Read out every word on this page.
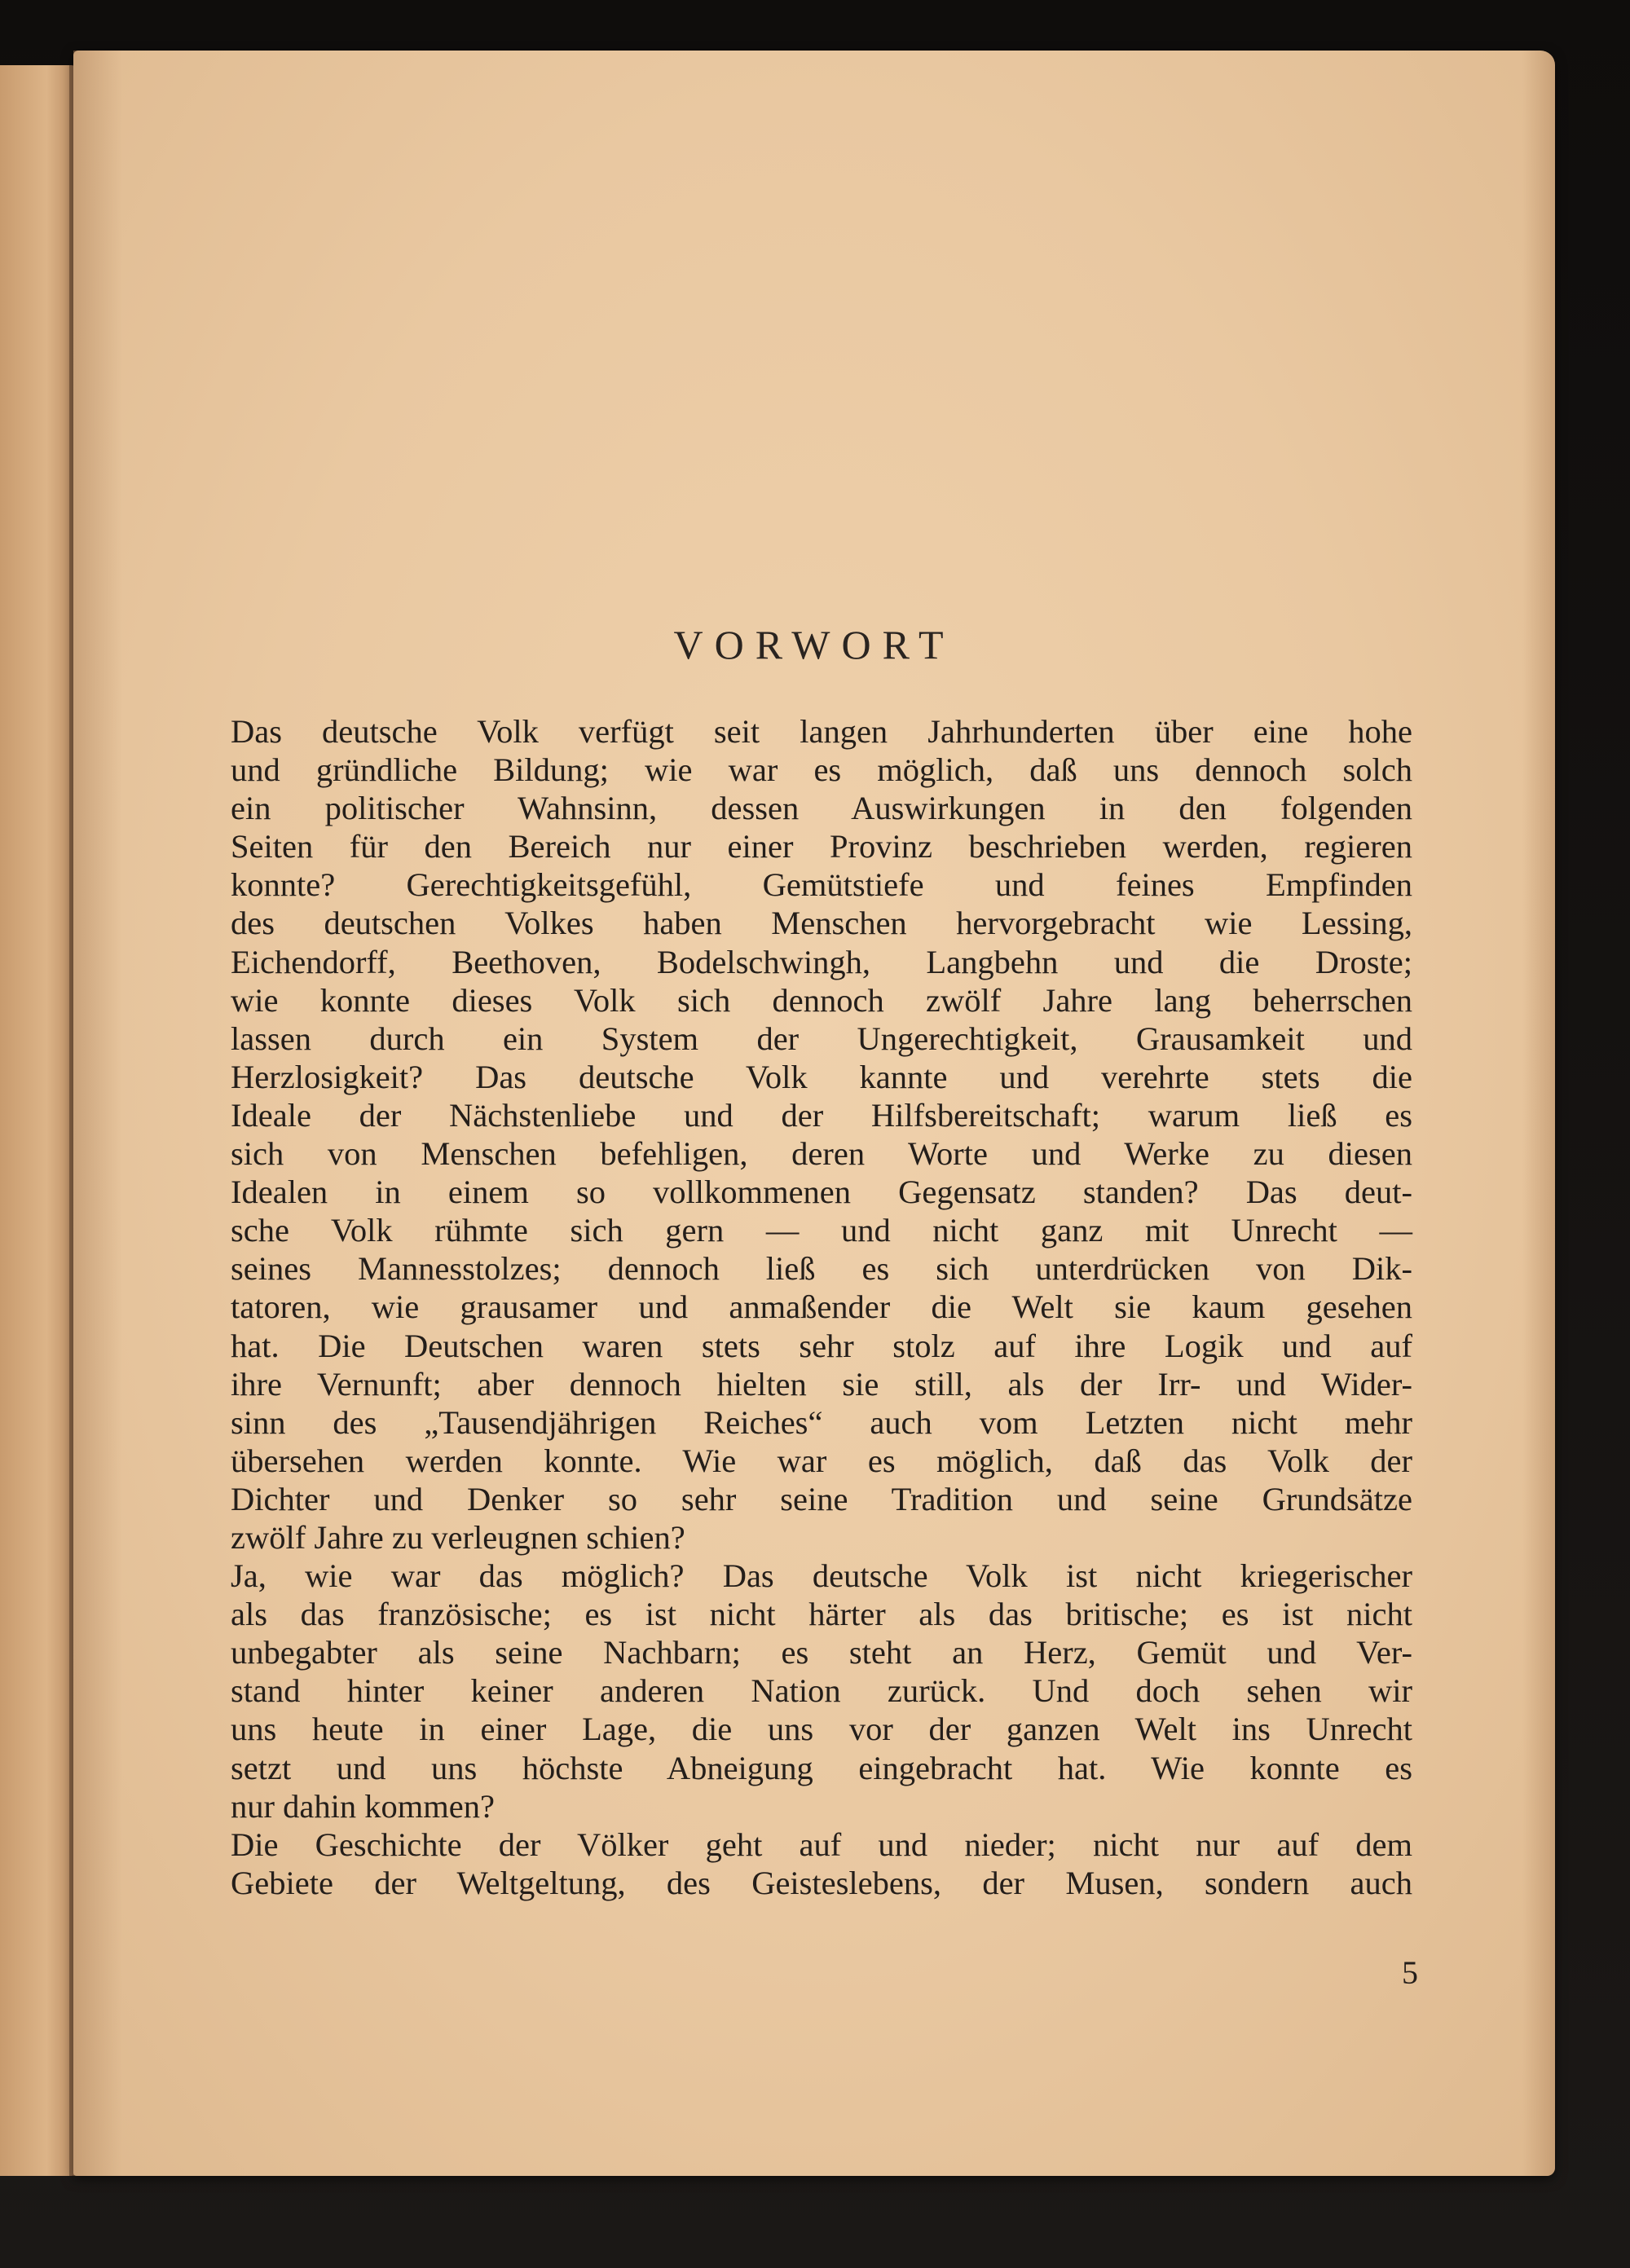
VORWORT
Das deutsche Volk verfügt seit langen Jahrhunderten über eine hohe
und gründliche Bildung; wie war es möglich, daß uns dennoch solch
ein politischer Wahnsinn, dessen Auswirkungen in den folgenden
Seiten für den Bereich nur einer Provinz beschrieben werden, regieren
konnte? Gerechtigkeitsgefühl, Gemütstiefe und feines Empfinden
des deutschen Volkes haben Menschen hervorgebracht wie Lessing,
Eichendorff, Beethoven, Bodelschwingh, Langbehn und die Droste;
wie konnte dieses Volk sich dennoch zwölf Jahre lang beherrschen
lassen durch ein System der Ungerechtigkeit, Grausamkeit und
Herzlosigkeit? Das deutsche Volk kannte und verehrte stets die
Ideale der Nächstenliebe und der Hilfsbereitschaft; warum ließ es
sich von Menschen befehligen, deren Worte und Werke zu diesen
Idealen in einem so vollkommenen Gegensatz standen? Das deut-
sche Volk rühmte sich gern — und nicht ganz mit Unrecht —
seines Mannesstolzes; dennoch ließ es sich unterdrücken von Dik-
tatoren, wie grausamer und anmaßender die Welt sie kaum gesehen
hat. Die Deutschen waren stets sehr stolz auf ihre Logik und auf
ihre Vernunft; aber dennoch hielten sie still, als der Irr- und Wider-
sinn des „Tausendjährigen Reiches“ auch vom Letzten nicht mehr
übersehen werden konnte. Wie war es möglich, daß das Volk der
Dichter und Denker so sehr seine Tradition und seine Grundsätze
zwölf Jahre zu verleugnen schien?
Ja, wie war das möglich? Das deutsche Volk ist nicht kriegerischer
als das französische; es ist nicht härter als das britische; es ist nicht
unbegabter als seine Nachbarn; es steht an Herz, Gemüt und Ver-
stand hinter keiner anderen Nation zurück. Und doch sehen wir
uns heute in einer Lage, die uns vor der ganzen Welt ins Unrecht
setzt und uns höchste Abneigung eingebracht hat. Wie konnte es
nur dahin kommen?
Die Geschichte der Völker geht auf und nieder; nicht nur auf dem
Gebiete der Weltgeltung, des Geisteslebens, der Musen, sondern auch
5
